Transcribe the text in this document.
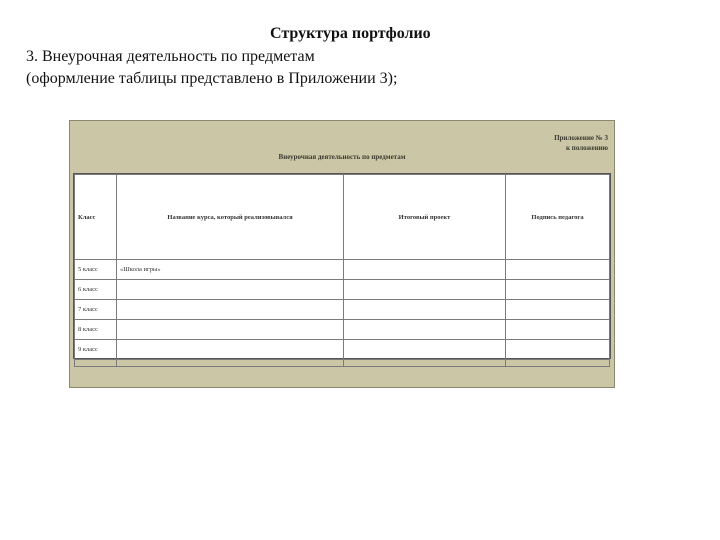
Структура портфолио
3. Внеурочная деятельность по предметам
(оформление таблицы представлено в Приложении 3);
Приложение № 3
к положению
Внеурочная деятельность по предметам
Класс	Название курса, который реализовывался	Итоговый проект	Подпись педагога
5 класс	«Школа игры»		
6 класс			
7 класс			
8 класс			
9 класс			
